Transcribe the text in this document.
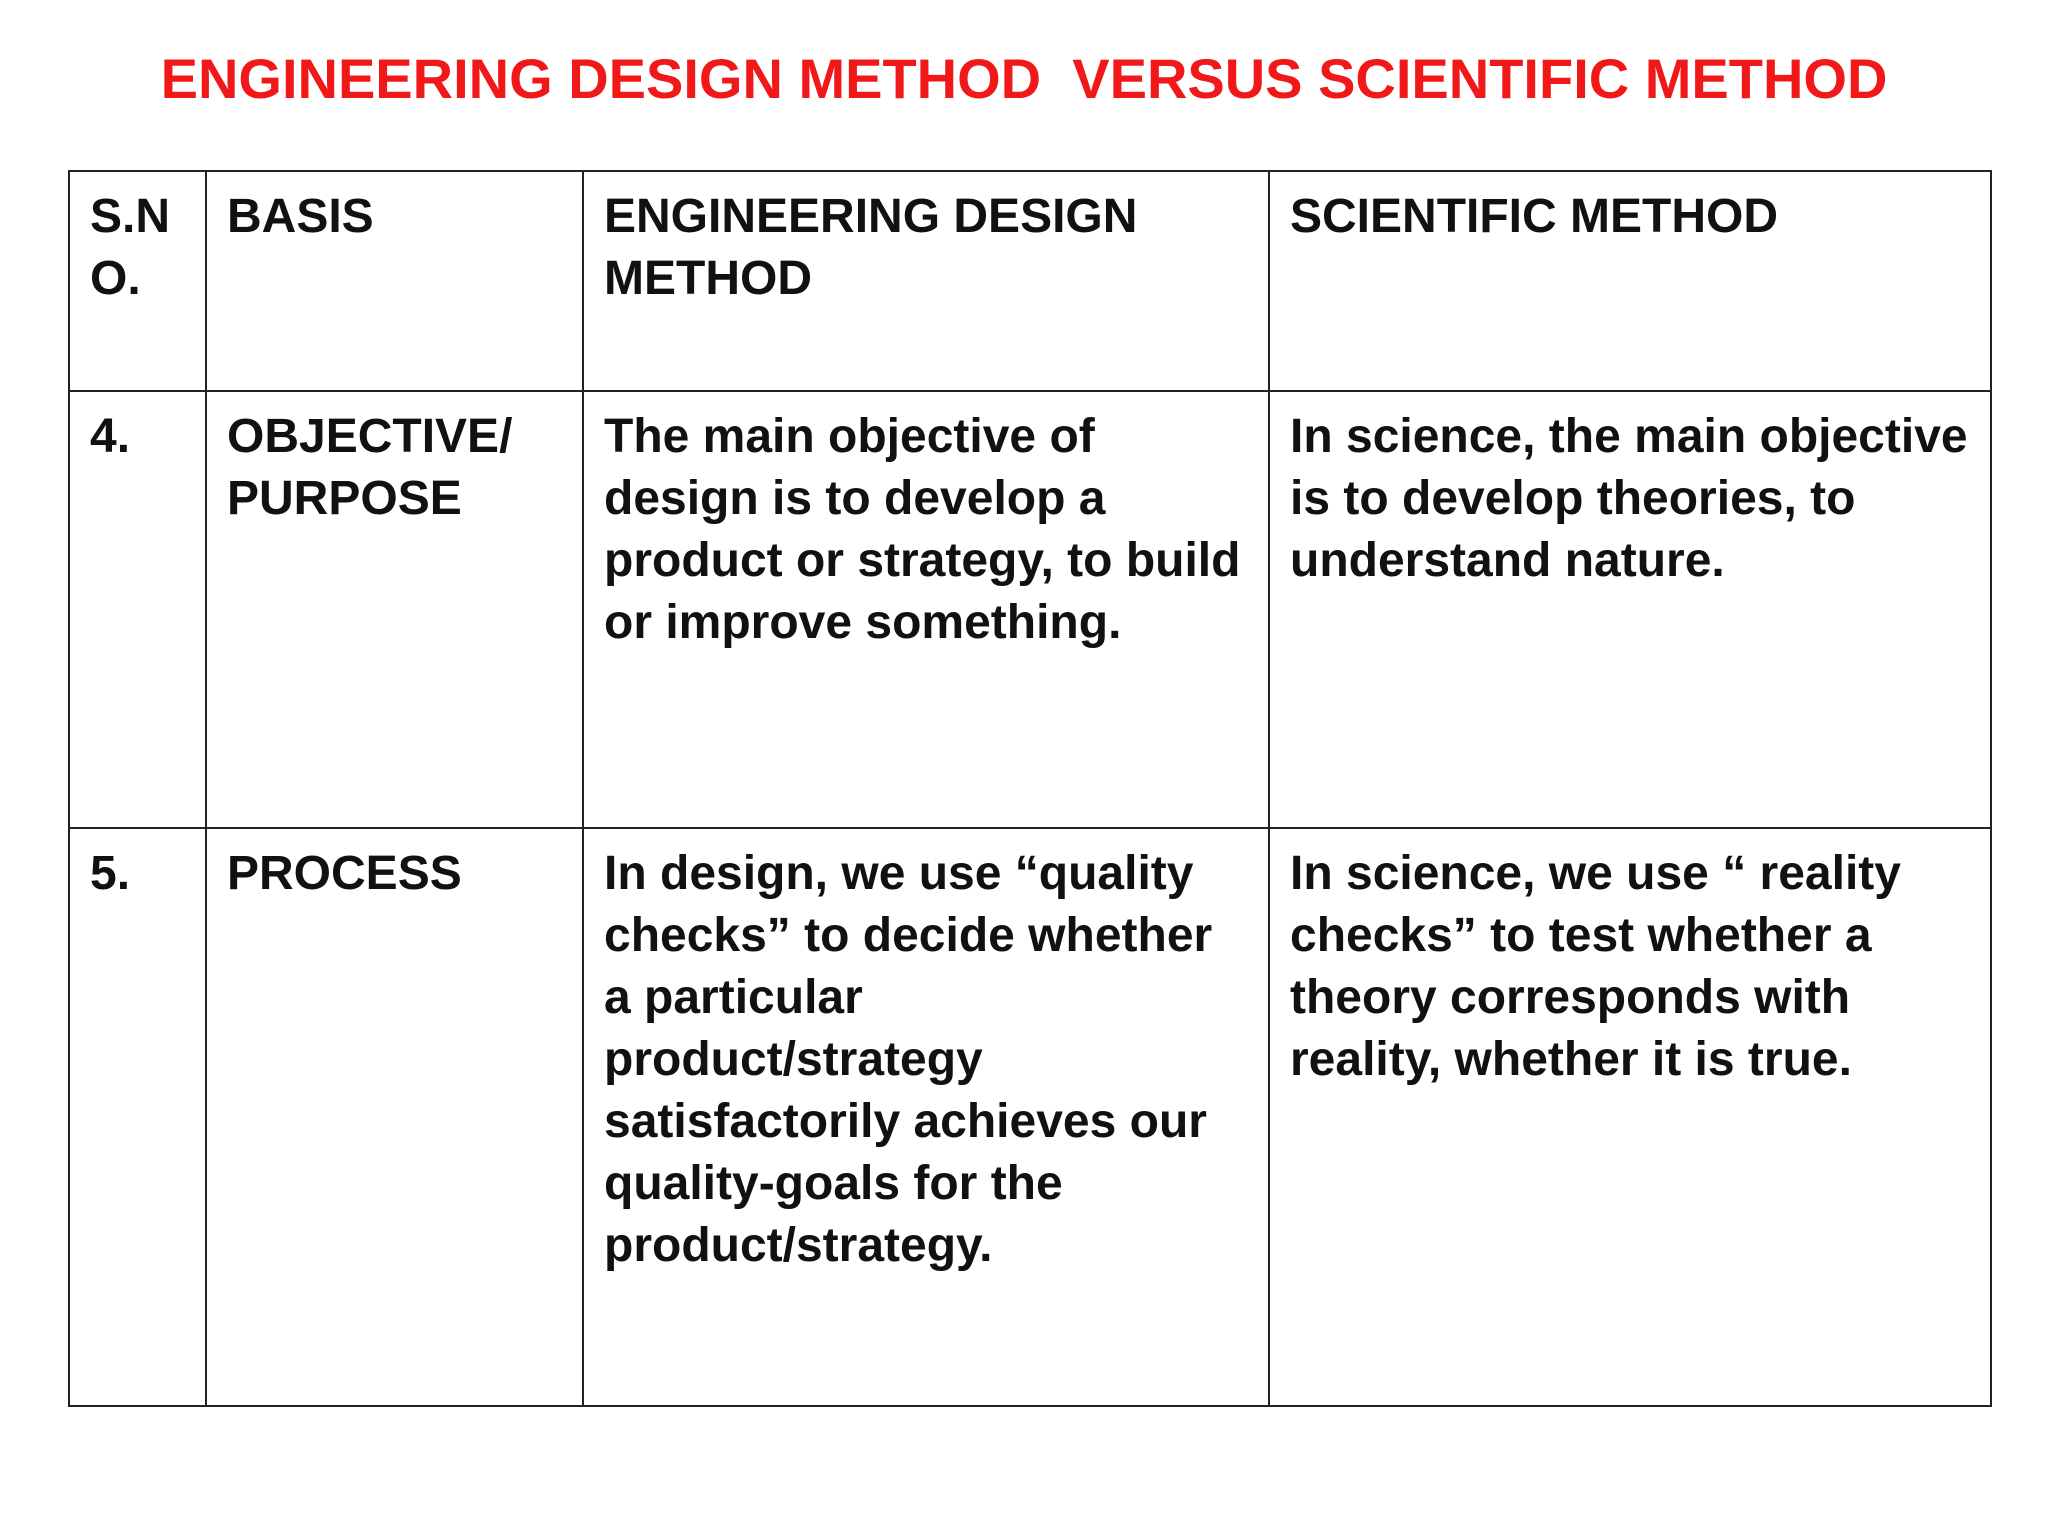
ENGINEERING DESIGN METHOD  VERSUS SCIENTIFIC METHOD
S.N O.	BASIS	ENGINEERING DESIGN METHOD	SCIENTIFIC METHOD
4.	OBJECTIVE/ PURPOSE	The main objective of design is to develop a product or strategy, to build or improve something.	In science, the main objective is to develop theories, to understand nature.
5.	PROCESS	In design, we use “quality checks” to decide whether a particular product/strategy satisfactorily achieves our quality-goals for the product/strategy.	In science, we use “ reality checks” to test whether a theory corresponds with reality, whether it is true.
